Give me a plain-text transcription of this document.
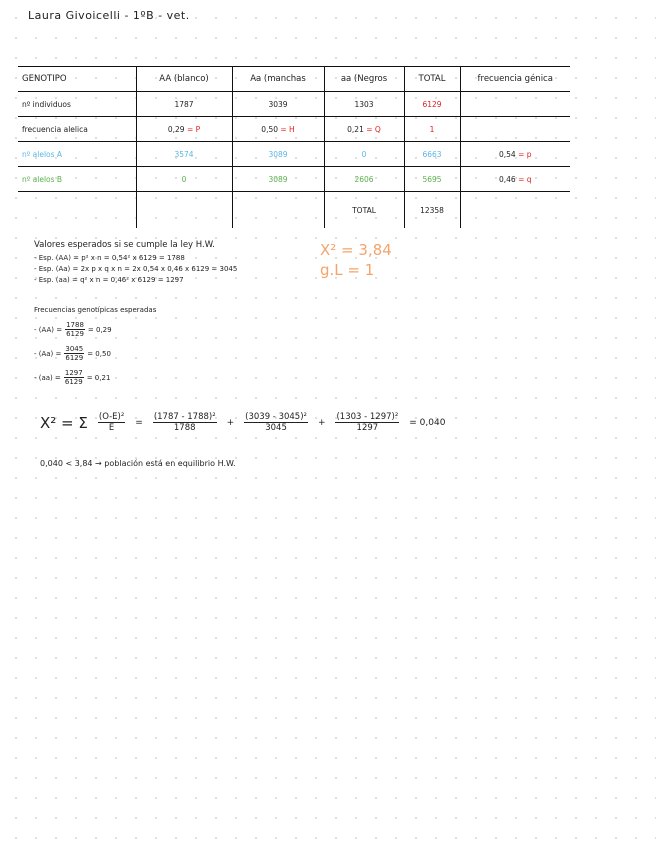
Laura Givoicelli - 1ºB - vet.
GENOTIPO	AA (blanco)	Aa (manchas	aa (Negros	TOTAL	frecuencia génica
nº individuos	1787	3039	1303	6129	
frecuencia alelica	0,29 = P	0,50 = H	0,21 = Q	1	
nº alelos A	3574	3089	0	6663	0,54 = p
nº alelos B	0	3089	2606	5695	0,46 = q
			TOTAL	12358	
Valores esperados si se cumple la ley H.W.
- Esp. (AA) = p² x n = 0,54² x 6129 = 1788
- Esp. (Aa) = 2x p x q x n = 2x 0,54 x 0,46 x 6129 = 3045
- Esp. (aa) = q² x n = 0,46² x 6129 = 1297
X² = 3,84
g.L = 1
Frecuencias genotípicas esperadas
- $(AA) = \frac{1788}{6129} = 0,29$
- $(Aa) = \frac{3045}{6129} = 0,50$
- $(aa) = \frac{1297}{6129} = 0,21$
X² = Σ $\frac{\text{(O-E)²}}{E} = \frac{\text{(1787 - 1788)²}}{1788} + \frac{\text{(3039 - 3045)²}}{3045} + \frac{\text{(1303 - 1297)²}}{1297} = 0,040$
0,040 < 3,84 → población está en equilibrio H.W.
